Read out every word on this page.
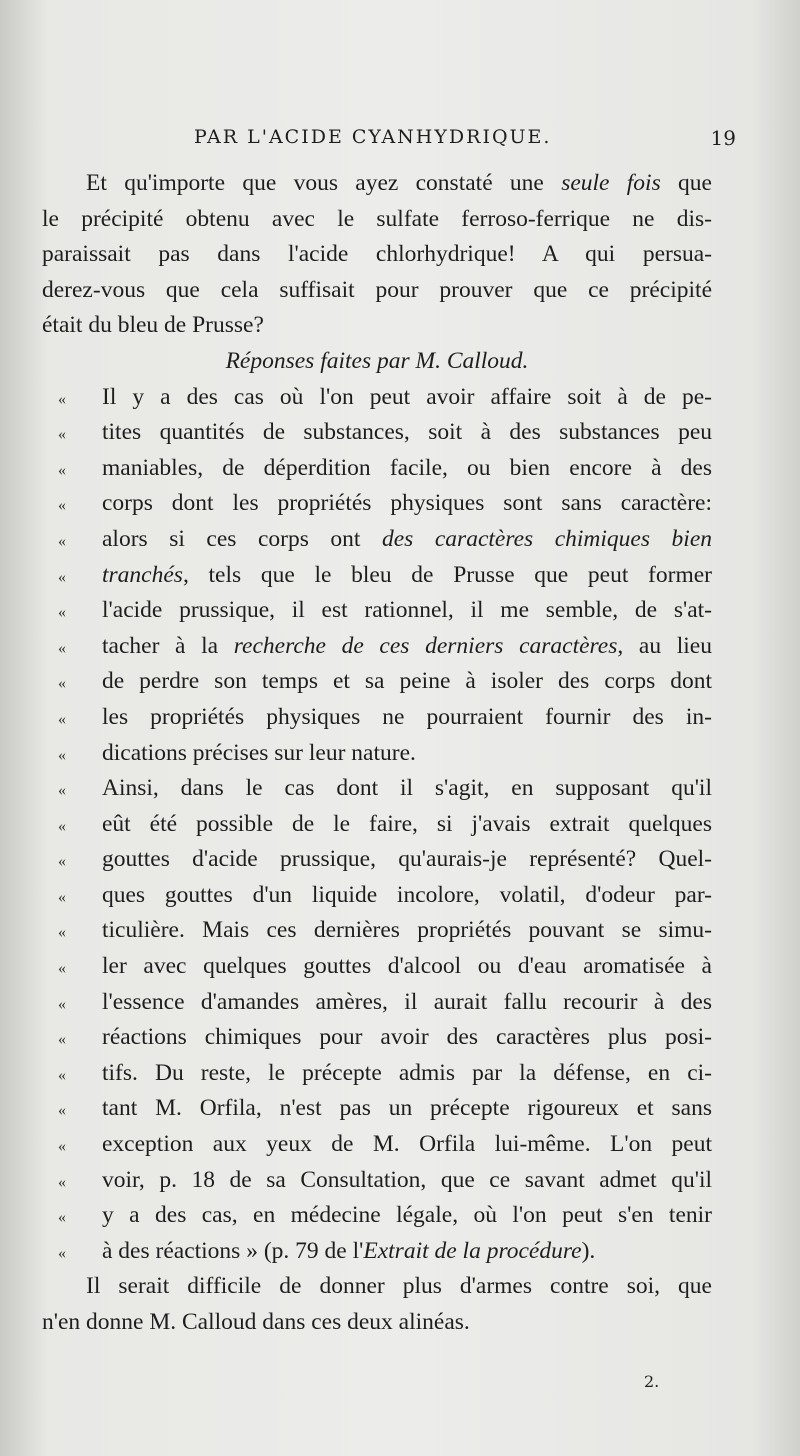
PAR L'ACIDE CYANHYDRIQUE.	19
Et qu'importe que vous ayez constaté une seule fois que
le précipité obtenu avec le sulfate ferroso-ferrique ne dis-
paraissait pas dans l'acide chlorhydrique! A qui persua-
derez-vous que cela suffisait pour prouver que ce précipité
était du bleu de Prusse?
Réponses faites par M. Calloud.
« Il y a des cas où l'on peut avoir affaire soit à de pe-
« tites quantités de substances, soit à des substances peu
« maniables, de déperdition facile, ou bien encore à des
« corps dont les propriétés physiques sont sans caractère:
« alors si ces corps ont des caractères chimiques bien
« tranchés, tels que le bleu de Prusse que peut former
« l'acide prussique, il est rationnel, il me semble, de s'at-
« tacher à la recherche de ces derniers caractères, au lieu
« de perdre son temps et sa peine à isoler des corps dont
« les propriétés physiques ne pourraient fournir des in-
« dications précises sur leur nature.
« Ainsi, dans le cas dont il s'agit, en supposant qu'il
« eût été possible de le faire, si j'avais extrait quelques
« gouttes d'acide prussique, qu'aurais-je représenté? Quel-
« ques gouttes d'un liquide incolore, volatil, d'odeur par-
« ticulière. Mais ces dernières propriétés pouvant se simu-
« ler avec quelques gouttes d'alcool ou d'eau aromatisée à
« l'essence d'amandes amères, il aurait fallu recourir à des
« réactions chimiques pour avoir des caractères plus posi-
« tifs. Du reste, le précepte admis par la défense, en ci-
« tant M. Orfila, n'est pas un précepte rigoureux et sans
« exception aux yeux de M. Orfila lui-même. L'on peut
« voir, p. 18 de sa Consultation, que ce savant admet qu'il
« y a des cas, en médecine légale, où l'on peut s'en tenir
« à des réactions » (p. 79 de l'Extrait de la procédure).
Il serait difficile de donner plus d'armes contre soi, que
n'en donne M. Calloud dans ces deux alinéas.
2.
